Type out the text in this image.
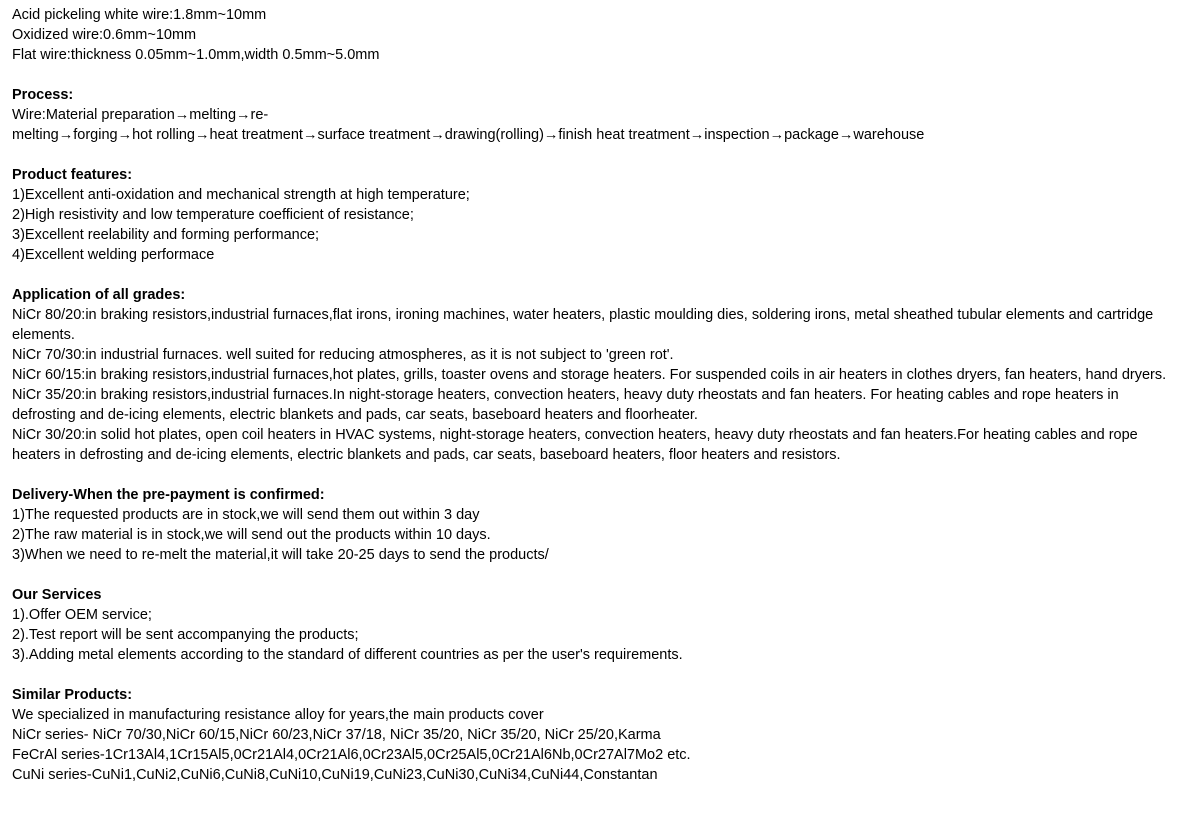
Acid pickeling white wire:1.8mm~10mm
Oxidized wire:0.6mm~10mm
Flat wire:thickness 0.05mm~1.0mm,width 0.5mm~5.0mm
Process:
Wire:Material preparation→melting→re-
melting→forging→hot rolling→heat treatment→surface treatment→drawing(rolling)→finish heat treatment→inspection→package→warehouse
Product features:
1)Excellent anti-oxidation and mechanical strength at high temperature;
2)High resistivity and low temperature coefficient of resistance;
3)Excellent reelability and forming performance;
4)Excellent welding performace
Application of all grades:
NiCr 80/20:in braking resistors,industrial furnaces,flat irons, ironing machines, water heaters, plastic moulding dies, soldering irons, metal sheathed tubular elements and cartridge elements.
NiCr 70/30:in industrial furnaces. well suited for reducing atmospheres, as it is not subject to 'green rot'.
NiCr 60/15:in braking resistors,industrial furnaces,hot plates, grills, toaster ovens and storage heaters. For suspended coils in air heaters in clothes dryers, fan heaters, hand dryers.
NiCr 35/20:in braking resistors,industrial furnaces.In night-storage heaters, convection heaters, heavy duty rheostats and fan heaters. For heating cables and rope heaters in defrosting and de-icing elements, electric blankets and pads, car seats, baseboard heaters and floorheater.
NiCr 30/20:in solid hot plates, open coil heaters in HVAC systems, night-storage heaters, convection heaters, heavy duty rheostats and fan heaters.For heating cables and rope heaters in defrosting and de-icing elements, electric blankets and pads, car seats, baseboard heaters, floor heaters and resistors.
Delivery-When the pre-payment is confirmed:
1)The requested products are in stock,we will send them out within 3 day
2)The raw material is in stock,we will send out the products within 10 days.
3)When we need to re-melt the material,it will take 20-25 days to send the products/
Our Services
1).Offer OEM service;
2).Test report will be sent accompanying the products;
3).Adding metal elements according to the standard of different countries as per the user's requirements.
Similar Products:
We specialized in manufacturing resistance alloy for years,the main products cover
NiCr series- NiCr 70/30,NiCr 60/15,NiCr 60/23,NiCr 37/18, NiCr 35/20, NiCr 35/20, NiCr 25/20,Karma
FeCrAl series-1Cr13Al4,1Cr15Al5,0Cr21Al4,0Cr21Al6,0Cr23Al5,0Cr25Al5,0Cr21Al6Nb,0Cr27Al7Mo2 etc.
CuNi series-CuNi1,CuNi2,CuNi6,CuNi8,CuNi10,CuNi19,CuNi23,CuNi30,CuNi34,CuNi44,Constantan
